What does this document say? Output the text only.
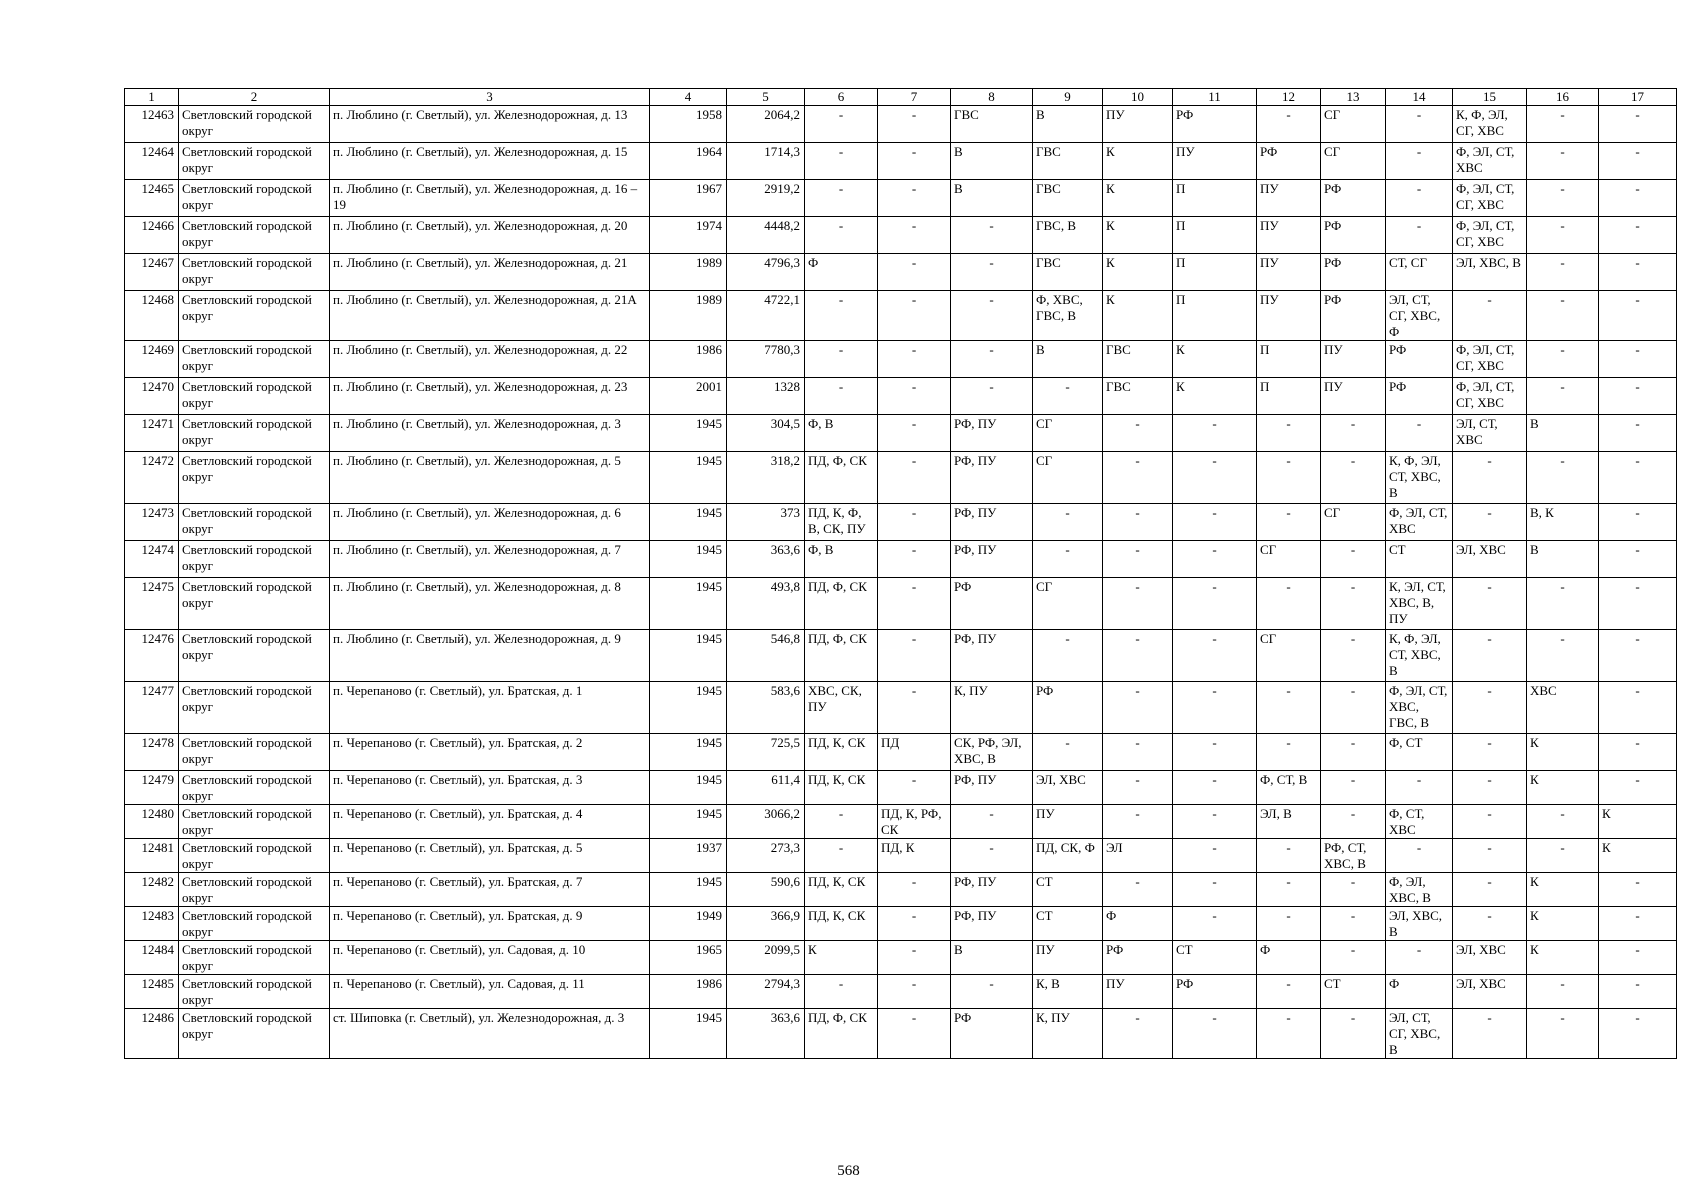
1	2	3	4	5	6	7	8	9	10	11	12	13	14	15	16	17
12463	Светловский городской округ	п. Люблино (г. Светлый), ул. Железнодорожная, д. 13	1958	2064,2	-	-	ГВС	В	ПУ	РФ	-	СГ	-	К, Ф, ЭЛ, СГ, ХВС	-	-
12464	Светловский городской округ	п. Люблино (г. Светлый), ул. Железнодорожная, д. 15	1964	1714,3	-	-	В	ГВС	К	ПУ	РФ	СГ	-	Ф, ЭЛ, СТ, ХВС	-	-
12465	Светловский городской округ	п. Люблино (г. Светлый), ул. Железнодорожная, д. 16 – 19	1967	2919,2	-	-	В	ГВС	К	П	ПУ	РФ	-	Ф, ЭЛ, СТ, СГ, ХВС	-	-
12466	Светловский городской округ	п. Люблино (г. Светлый), ул. Железнодорожная, д. 20	1974	4448,2	-	-	-	ГВС, В	К	П	ПУ	РФ	-	Ф, ЭЛ, СТ, СГ, ХВС	-	-
12467	Светловский городской округ	п. Люблино (г. Светлый), ул. Железнодорожная, д. 21	1989	4796,3	Ф	-	-	ГВС	К	П	ПУ	РФ	СТ, СГ	ЭЛ, ХВС, В	-	-
12468	Светловский городской округ	п. Люблино (г. Светлый), ул. Железнодорожная, д. 21А	1989	4722,1	-	-	-	Ф, ХВС, ГВС, В	К	П	ПУ	РФ	ЭЛ, СТ, СГ, ХВС, Ф	-	-	-
12469	Светловский городской округ	п. Люблино (г. Светлый), ул. Железнодорожная, д. 22	1986	7780,3	-	-	-	В	ГВС	К	П	ПУ	РФ	Ф, ЭЛ, СТ, СГ, ХВС	-	-
12470	Светловский городской округ	п. Люблино (г. Светлый), ул. Железнодорожная, д. 23	2001	1328	-	-	-	-	ГВС	К	П	ПУ	РФ	Ф, ЭЛ, СТ, СГ, ХВС	-	-
12471	Светловский городской округ	п. Люблино (г. Светлый), ул. Железнодорожная, д. 3	1945	304,5	Ф, В	-	РФ, ПУ	СГ	-	-	-	-	-	ЭЛ, СТ, ХВС	В	-
12472	Светловский городской округ	п. Люблино (г. Светлый), ул. Железнодорожная, д. 5	1945	318,2	ПД, Ф, СК	-	РФ, ПУ	СГ	-	-	-	-	К, Ф, ЭЛ, СТ, ХВС, В	-	-	-
12473	Светловский городской округ	п. Люблино (г. Светлый), ул. Железнодорожная, д. 6	1945	373	ПД, К, Ф, В, СК, ПУ	-	РФ, ПУ	-	-	-	-	СГ	Ф, ЭЛ, СТ, ХВС	-	В, К	-
12474	Светловский городской округ	п. Люблино (г. Светлый), ул. Железнодорожная, д. 7	1945	363,6	Ф, В	-	РФ, ПУ	-	-	-	СГ	-	СТ	ЭЛ, ХВС	В	-
12475	Светловский городской округ	п. Люблино (г. Светлый), ул. Железнодорожная, д. 8	1945	493,8	ПД, Ф, СК	-	РФ	СГ	-	-	-	-	К, ЭЛ, СТ, ХВС, В, ПУ	-	-	-
12476	Светловский городской округ	п. Люблино (г. Светлый), ул. Железнодорожная, д. 9	1945	546,8	ПД, Ф, СК	-	РФ, ПУ	-	-	-	СГ	-	К, Ф, ЭЛ, СТ, ХВС, В	-	-	-
12477	Светловский городской округ	п. Черепаново (г. Светлый), ул. Братская, д. 1	1945	583,6	ХВС, СК, ПУ	-	К, ПУ	РФ	-	-	-	-	Ф, ЭЛ, СТ, ХВС, ГВС, В	-	ХВС	-
12478	Светловский городской округ	п. Черепаново (г. Светлый), ул. Братская, д. 2	1945	725,5	ПД, К, СК	ПД	СК, РФ, ЭЛ, ХВС, В	-	-	-	-	-	Ф, СТ	-	К	-
12479	Светловский городской округ	п. Черепаново (г. Светлый), ул. Братская, д. 3	1945	611,4	ПД, К, СК	-	РФ, ПУ	ЭЛ, ХВС	-	-	Ф, СТ, В	-	-	-	К	-
12480	Светловский городской округ	п. Черепаново (г. Светлый), ул. Братская, д. 4	1945	3066,2	-	ПД, К, РФ, СК	-	ПУ	-	-	ЭЛ, В	-	Ф, СТ, ХВС	-	-	К
12481	Светловский городской округ	п. Черепаново (г. Светлый), ул. Братская, д. 5	1937	273,3	-	ПД, К	-	ПД, СК, Ф	ЭЛ	-	-	РФ, СТ, ХВС, В	-	-	-	К
12482	Светловский городской округ	п. Черепаново (г. Светлый), ул. Братская, д. 7	1945	590,6	ПД, К, СК	-	РФ, ПУ	СТ	-	-	-	-	Ф, ЭЛ, ХВС, В	-	К	-
12483	Светловский городской округ	п. Черепаново (г. Светлый), ул. Братская, д. 9	1949	366,9	ПД, К, СК	-	РФ, ПУ	СТ	Ф	-	-	-	ЭЛ, ХВС, В	-	К	-
12484	Светловский городской округ	п. Черепаново (г. Светлый), ул. Садовая, д. 10	1965	2099,5	К	-	В	ПУ	РФ	СТ	Ф	-	-	ЭЛ, ХВС	К	-
12485	Светловский городской округ	п. Черепаново (г. Светлый), ул. Садовая, д. 11	1986	2794,3	-	-	-	К, В	ПУ	РФ	-	СТ	Ф	ЭЛ, ХВС	-	-
12486	Светловский городской округ	ст. Шиповка (г. Светлый), ул. Железнодорожная, д. 3	1945	363,6	ПД, Ф, СК	-	РФ	К, ПУ	-	-	-	-	ЭЛ, СТ, СГ, ХВС, В	-	-	-
568
